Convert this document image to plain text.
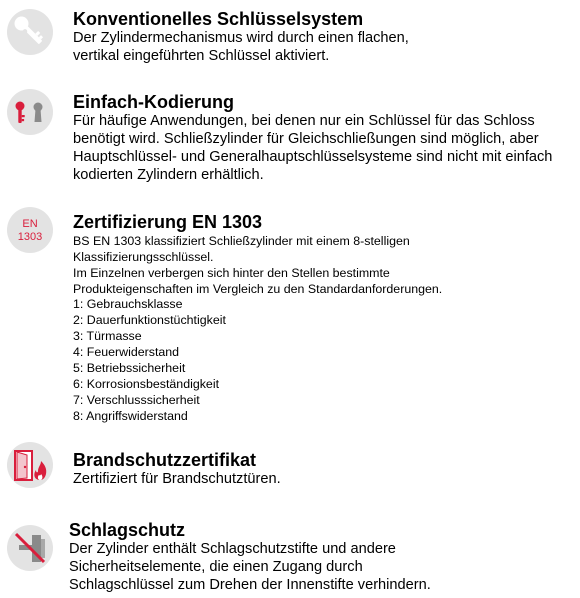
Konventionelles Schlüsselsystem

Der Zylindermechanismus wird durch einen flachen,
vertikal eingeführten Schlüssel aktiviert.

Einfach-Kodierung

Für häufige Anwendungen, bei denen nur ein Schlüssel für das Schloss
benötigt wird. Schließzylinder für Gleichschließungen sind möglich, aber
Hauptschlüssel- und Generalhauptschlüsselsysteme sind nicht mit einfach
kodierten Zylindern erhältlich.

EN
1303
Zertifizierung EN 1303

BS EN 1303 klassifiziert Schließzylinder mit einem 8-stelligen
Klassifizierungsschlüssel.
Im Einzelnen verbergen sich hinter den Stellen bestimmte
Produkteigenschaften im Vergleich zu den Standardanforderungen.

1: Gebrauchsklasse
2: Dauerfunktionstüchtigkeit
3: Türmasse
4: Feuerwiderstand
5: Betriebssicherheit
6: Korrosionsbeständigkeit
7: Verschlusssicherheit
8: Angriffswiderstand
Brandschutzzertifikat

Zertifiziert für Brandschutztüren.

Schlagschutz

Der Zylinder enthält Schlagschutzstifte und andere
Sicherheitselemente, die einen Zugang durch
Schlagschlüssel zum Drehen der Innenstifte verhindern.
